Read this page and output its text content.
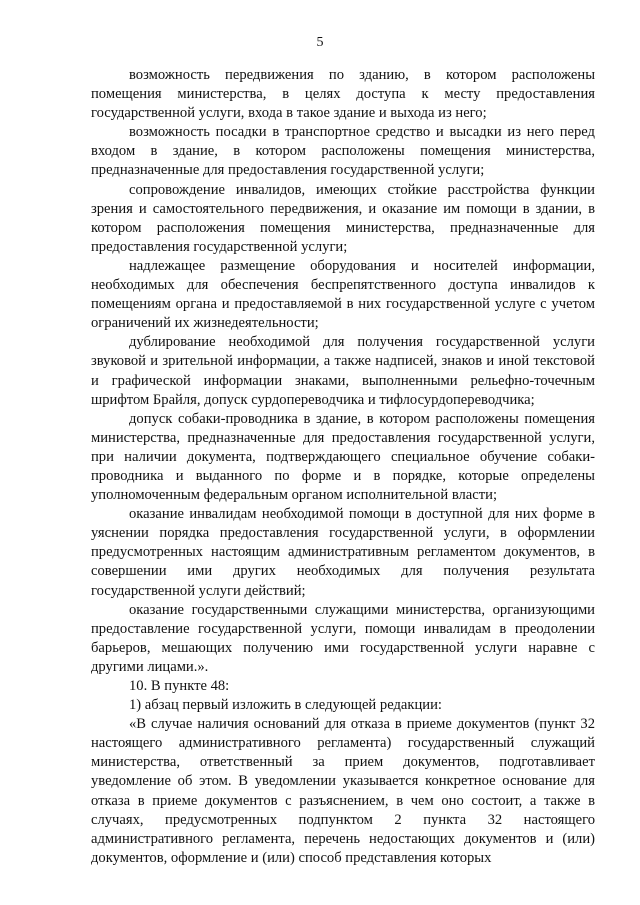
5

возможность передвижения по зданию, в котором расположены помещения министерства, в целях доступа к месту предоставления государственной услуги, входа в такое здание и выхода из него;

возможность посадки в транспортное средство и высадки из него перед входом в здание, в котором расположены помещения министерства, предназначенные для предоставления государственной услуги;

сопровождение инвалидов, имеющих стойкие расстройства функции зрения и самостоятельного передвижения, и оказание им помощи в здании, в котором расположения помещения министерства, предназначенные для предоставления государственной услуги;

надлежащее размещение оборудования и носителей информации, необходимых для обеспечения беспрепятственного доступа инвалидов к помещениям органа и предоставляемой в них государственной услуге с учетом ограничений их жизнедеятельности;

дублирование необходимой для получения государственной услуги звуковой и зрительной информации, а также надписей, знаков и иной текстовой и графической информации знаками, выполненными рельефно-точечным шрифтом Брайля, допуск сурдопереводчика и тифлосурдопереводчика;

допуск собаки-проводника в здание, в котором расположены помещения министерства, предназначенные для предоставления государственной услуги, при наличии документа, подтверждающего специальное обучение собаки-проводника и выданного по форме и в порядке, которые определены уполномоченным федеральным органом исполнительной власти;

оказание инвалидам необходимой помощи в доступной для них форме в уяснении порядка предоставления государственной услуги, в оформлении предусмотренных настоящим административным регламентом документов, в совершении ими других необходимых для получения результата государственной услуги действий;

оказание государственными служащими министерства, организующими предоставление государственной услуги, помощи инвалидам в преодолении барьеров, мешающих получению ими государственной услуги наравне с другими лицами.».

10. В пункте 48:

1) абзац первый изложить в следующей редакции:

«В случае наличия оснований для отказа в приеме документов (пункт 32 настоящего административного регламента) государственный служащий министерства, ответственный за прием документов, подготавливает уведомление об этом. В уведомлении указывается конкретное основание для отказа в приеме документов с разъяснением, в чем оно состоит, а также в случаях, предусмотренных подпунктом 2 пункта 32 настоящего административного регламента, перечень недостающих документов и (или) документов, оформление и (или) способ представления которых
